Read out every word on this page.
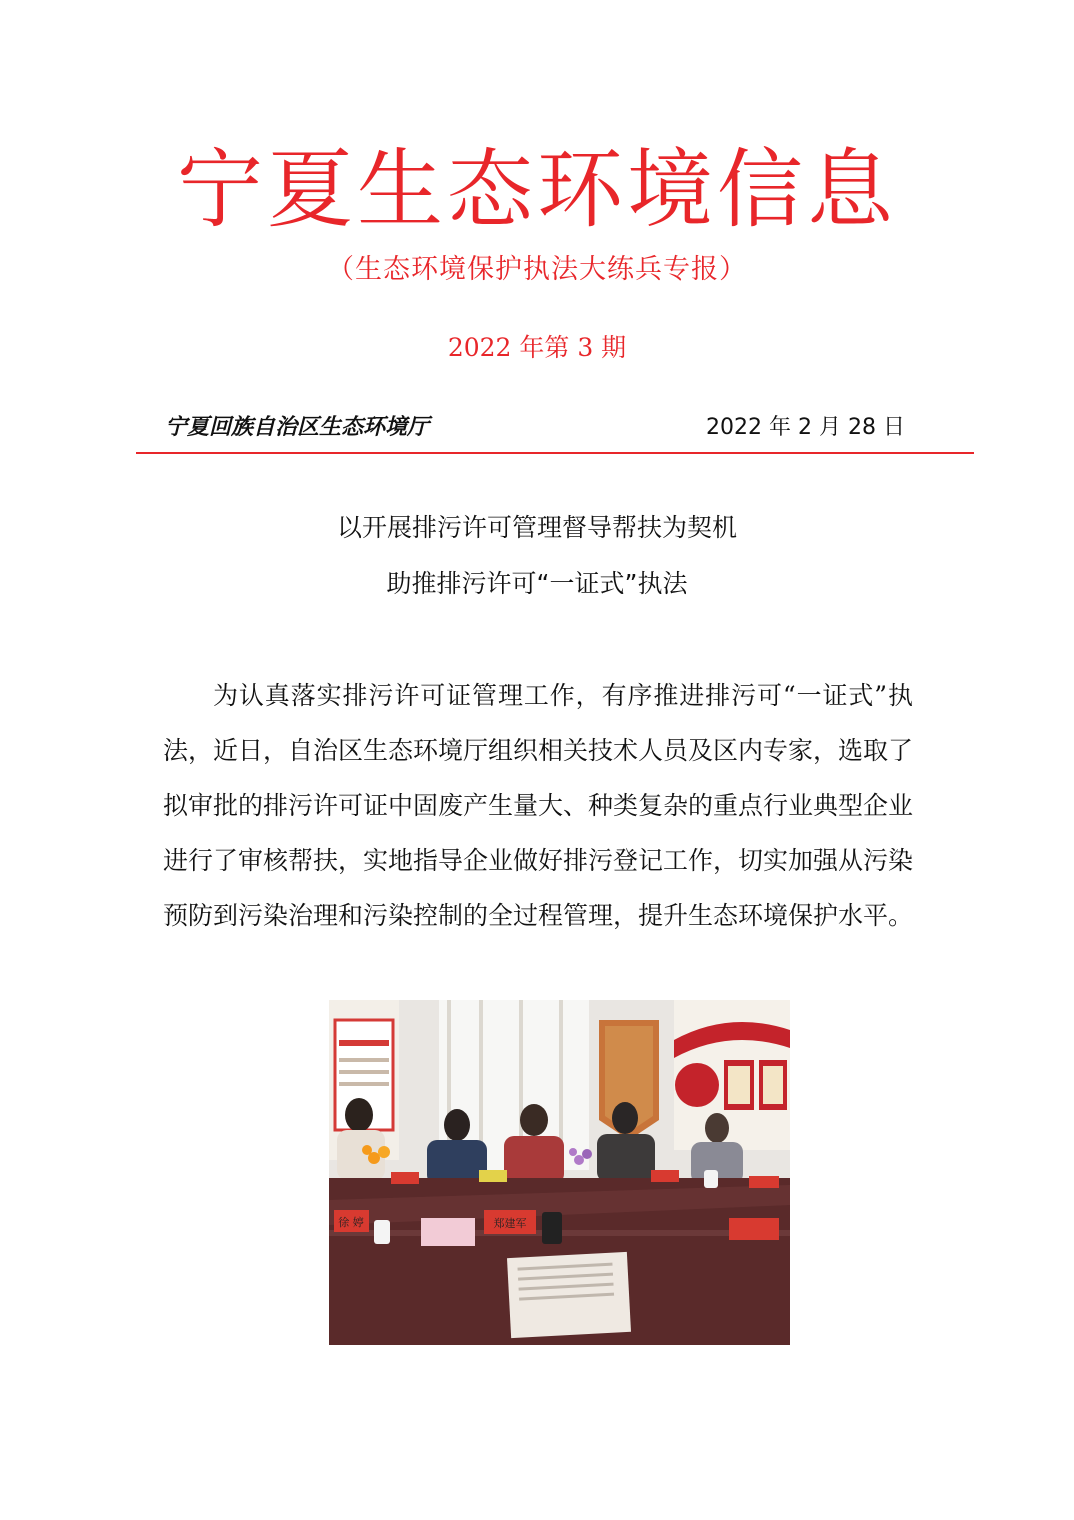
宁夏生态环境信息
（生态环境保护执法大练兵专报）
2022 年第 3 期
宁夏回族自治区生态环境厅	2022 年 2 月 28 日
以开展排污许可管理督导帮扶为契机
助推排污许可“一证式”执法

为认真落实排污许可证管理工作，有序推进排污可“一证式”执法，近日，自治区生态环境厅组织相关技术人员及区内专家，选取了拟审批的排污许可证中固废产生量大、种类复杂的重点行业典型企业进行了审核帮扶，实地指导企业做好排污登记工作，切实加强从污染预防到污染治理和污染控制的全过程管理，提升生态环境保护水平。

徐 婷	郑建军
